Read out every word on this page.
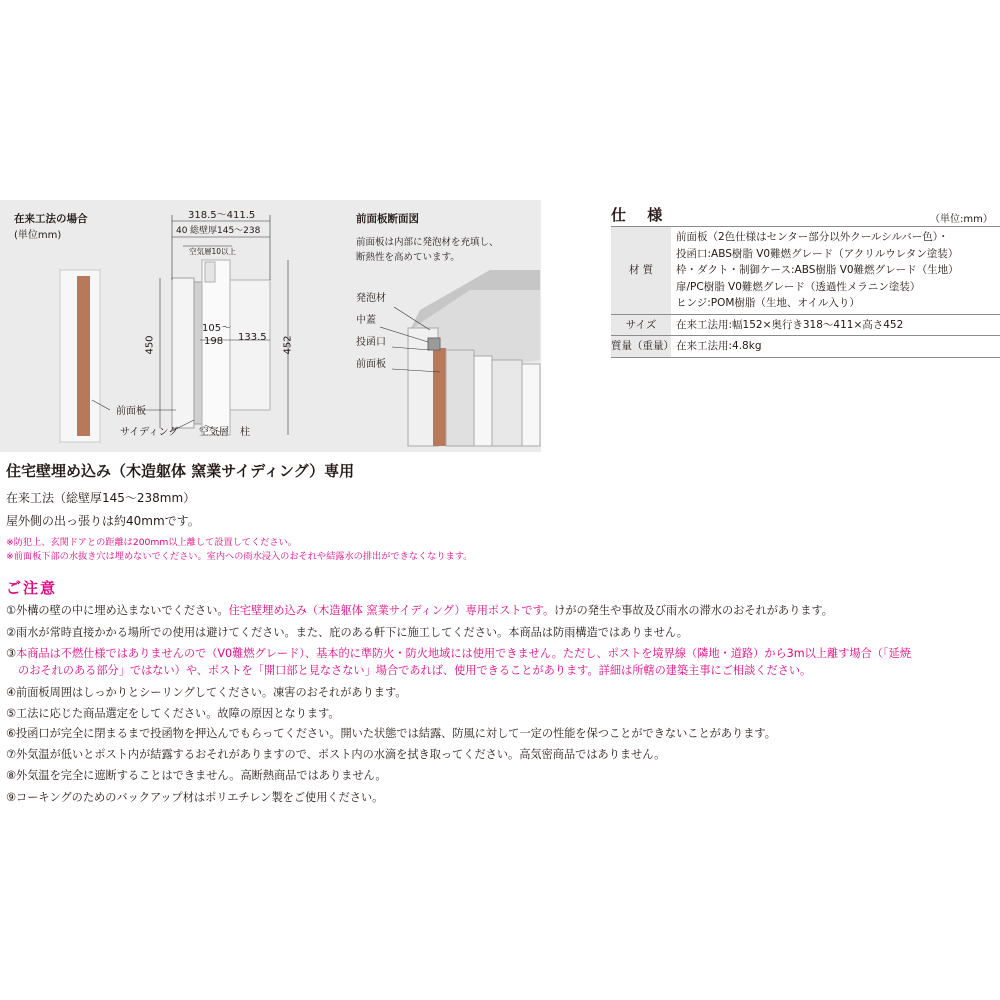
在来工法の場合
(単位mm)
318.5～411.5
40 総壁厚145～238
空気層10以上
450	452
105～
198 133.5
前面板
サイディング 空気層 柱
前面板断面図
前面板は内部に発泡材を充填し、
断熱性を高めています。
発泡材
中蓋
投函口
前面板
仕 様	（単位:mm）
材 質	前面板（2色仕様はセンター部分以外クールシルバー色）・
投函口:ABS樹脂 V0難燃グレード（アクリルウレタン塗装）
枠・ダクト・制御ケース:ABS樹脂 V0難燃グレード（生地）
扉/PC樹脂 V0難燃グレード（透過性メラニン塗装）
ヒンジ:POM樹脂（生地、オイル入り）

サイズ	在来工法用:幅152×奥行き318～411×高さ452
質量（重量）	在来工法用:4.8kg
住宅壁埋め込み（木造躯体 窯業サイディング）専用
在来工法（総壁厚145～238mm）
屋外側の出っ張りは約40mmです。
※防犯上、玄関ドアとの距離は200mm以上離して設置してください。
※前面板下部の水抜き穴は埋めないでください。室内への雨水浸入のおそれや結露水の排出ができなくなります。
ご注意
①外構の壁の中に埋め込まないでください。住宅壁埋め込み（木造躯体 窯業サイディング）専用ポストです。けがの発生や事故及び雨水の滞水のおそれがあります。
②雨水が常時直接かかる場所での使用は避けてください。また、庇のある軒下に施工してください。本商品は防雨構造ではありません。
③本商品は不燃仕様ではありませんので（V0難燃グレード）、基本的に準防火・防火地域には使用できません。ただし、ポストを境界線（隣地・道路）から3m以上離す場合（「延焼
のおそれのある部分」ではない）や、ポストを「開口部と見なさない」場合であれば、使用できることがあります。詳細は所轄の建築主事にご相談ください。
④前面板周囲はしっかりとシーリングしてください。凍害のおそれがあります。
⑤工法に応じた商品選定をしてください。故障の原因となります。
⑥投函口が完全に閉まるまで投函物を押込んでもらってください。開いた状態では結露、防風に対して一定の性能を保つことができないことがあります。
⑦外気温が低いとポスト内が結露するおそれがありますので、ポスト内の水滴を拭き取ってください。高気密商品ではありません。
⑧外気温を完全に遮断することはできません。高断熱商品ではありません。
⑨コーキングのためのバックアップ材はポリエチレン製をご使用ください。
